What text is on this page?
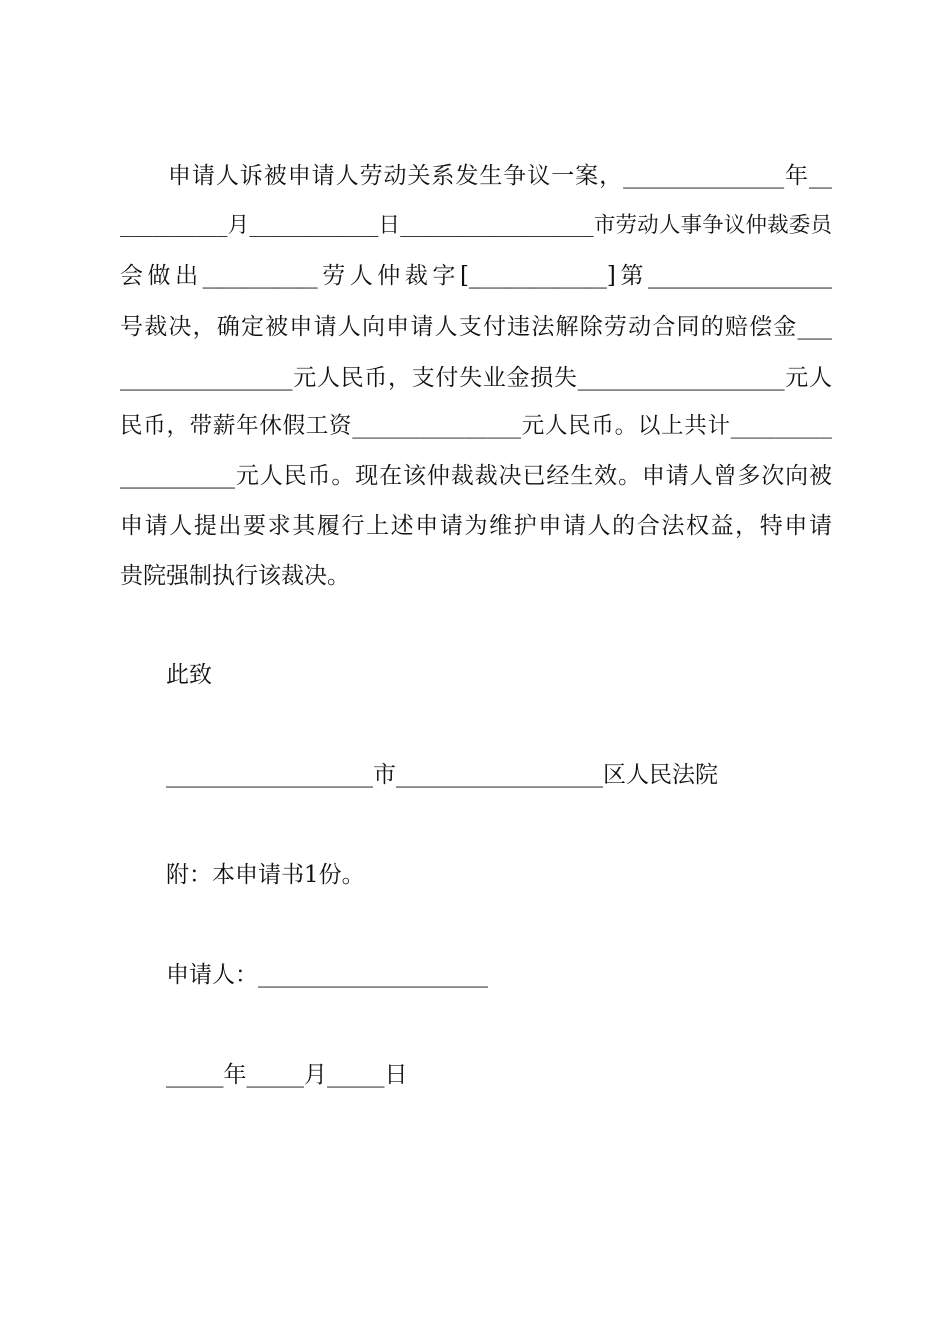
　　申请人诉被申请人劳动关系发生争议一案，______________年__
__________月____________日__________________市劳动人事争议仲裁委员
会做出__________劳人仲裁字[____________]第________________
号裁决，确定被申请人向申请人支付违法解除劳动合同的赔偿金___
_______________元人民币，支付失业金损失__________________元人
民币，带薪年休假工资_______________元人民币。以上共计_________
__________元人民币。现在该仲裁裁决已经生效。申请人曾多次向被
申请人提出要求其履行上述申请为维护申请人的合法权益，特申请
贵院强制执行该裁决。
此致
__________________市__________________区人民法院
附：本申请书1份。
申请人：____________________
_____年_____月_____日
